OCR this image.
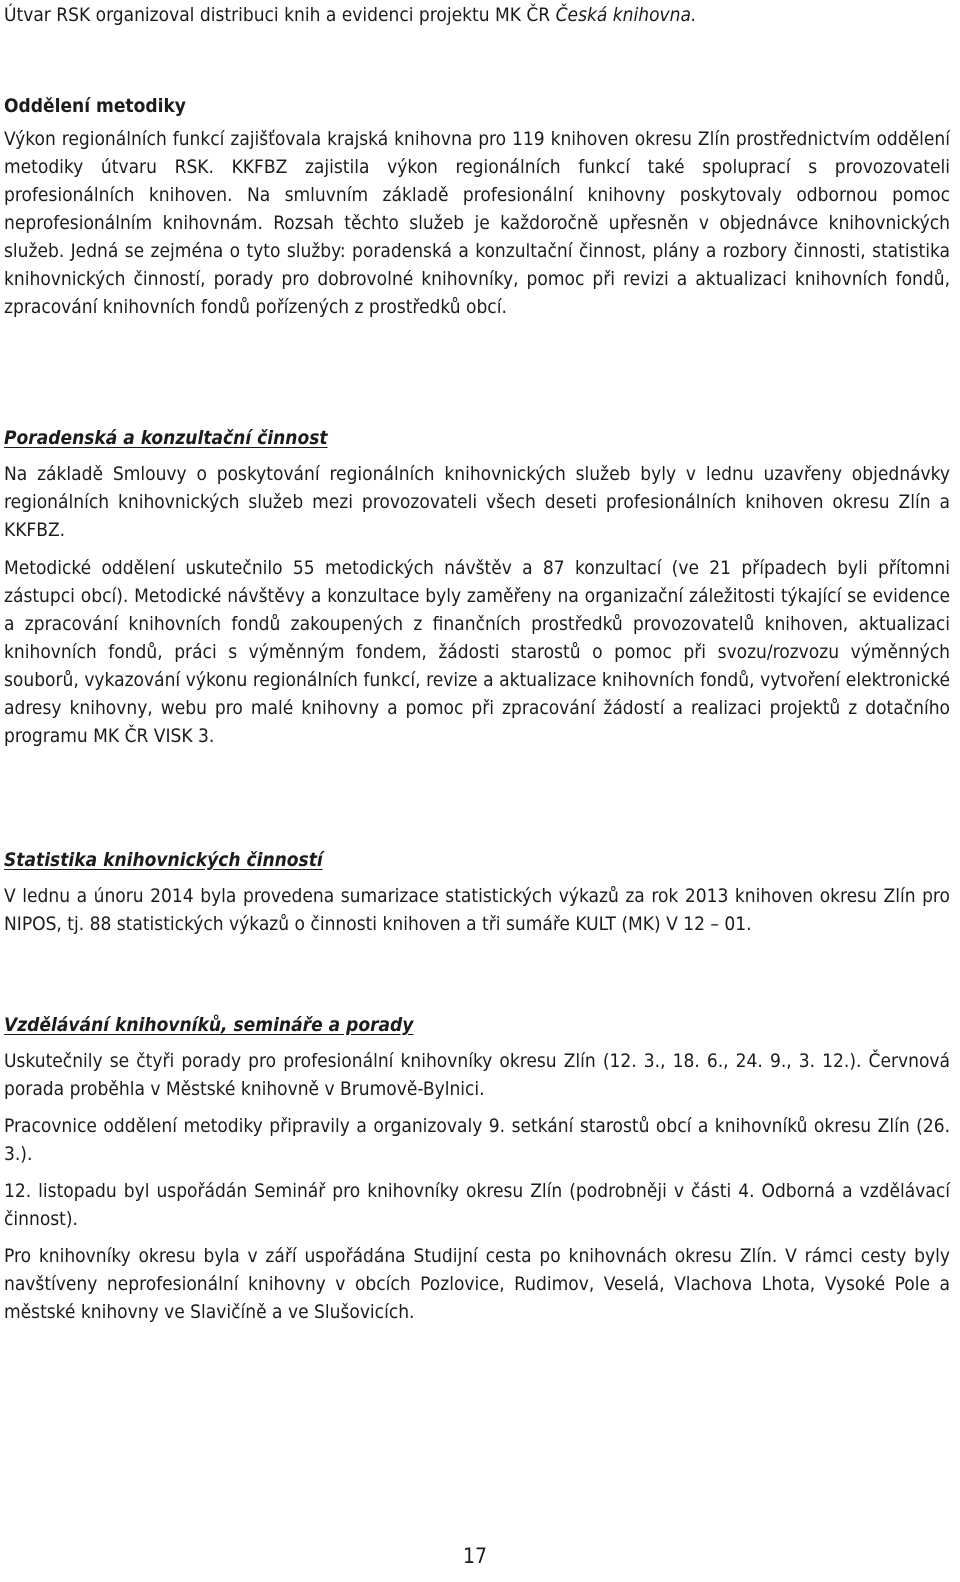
Útvar RSK organizoval distribuci knih a evidenci projektu MK ČR Česká knihovna.

Oddělení metodiky

Výkon regionálních funkcí zajišťovala krajská knihovna pro 119 knihoven okresu Zlín prostřednictvím oddělení metodiky útvaru RSK. KKFBZ zajistila výkon regionálních funkcí také spoluprací s provozovateli profesionálních knihoven. Na smluvním základě profesionální knihovny poskytovaly odbornou pomoc neprofesionálním knihovnám. Rozsah těchto služeb je každoročně upřesněn v objednávce knihovnických služeb. Jedná se zejména o tyto služby: poradenská a konzultační činnost, plány a rozbory činnosti, statistika knihovnických činností, porady pro dobrovolné knihovníky, pomoc při revizi a aktualizaci knihovních fondů, zpracování knihovních fondů pořízených z prostředků obcí.

Poradenská a konzultační činnost

Na základě Smlouvy o poskytování regionálních knihovnických služeb byly v lednu uzavřeny objednávky regionálních knihovnických služeb mezi provozovateli všech deseti profesionálních knihoven okresu Zlín a KKFBZ.

Metodické oddělení uskutečnilo 55 metodických návštěv a 87 konzultací (ve 21 případech byli přítomni zástupci obcí). Metodické návštěvy a konzultace byly zaměřeny na organizační záležitosti týkající se evidence a zpracování knihovních fondů zakoupených z finančních prostředků provozovatelů knihoven, aktualizaci knihovních fondů, práci s výměnným fondem, žádosti starostů o pomoc při svozu/rozvozu výměnných souborů, vykazování výkonu regionálních funkcí, revize a aktualizace knihovních fondů, vytvoření elektronické adresy knihovny, webu pro malé knihovny a pomoc při zpracování žádostí a realizaci projektů z dotačního programu MK ČR VISK 3.

Statistika knihovnických činností

V lednu a únoru 2014 byla provedena sumarizace statistických výkazů za rok 2013 knihoven okresu Zlín pro NIPOS, tj. 88 statistických výkazů o činnosti knihoven a tři sumáře KULT (MK) V 12 – 01.

Vzdělávání knihovníků, semináře a porady

Uskutečnily se čtyři porady pro profesionální knihovníky okresu Zlín (12. 3., 18. 6., 24. 9., 3. 12.). Červnová porada proběhla v Městské knihovně v Brumově-Bylnici.

Pracovnice oddělení metodiky připravily a organizovaly 9. setkání starostů obcí a knihovníků okresu Zlín (26. 3.).

12. listopadu byl uspořádán Seminář pro knihovníky okresu Zlín (podrobněji v části 4. Odborná a vzdělávací činnost).

Pro knihovníky okresu byla v září uspořádána Studijní cesta po knihovnách okresu Zlín. V rámci cesty byly navštíveny neprofesionální knihovny v obcích Pozlovice, Rudimov, Veselá, Vlachova Lhota, Vysoké Pole a městské knihovny ve Slavičíně a ve Slušovicích.

17
